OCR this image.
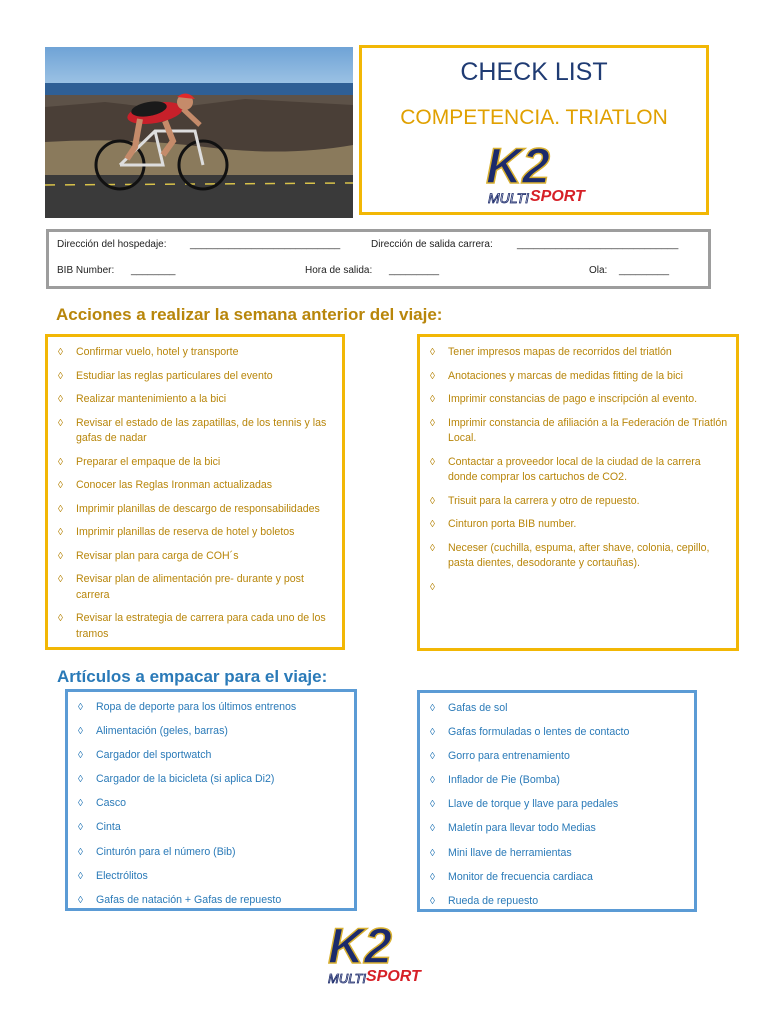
CHECK LIST
COMPETENCIA. TRIATLON
K2
MULTI SPORT
Dirección del hospedaje: ___________________________	Dirección de salida carrera: _____________________________
BIB Number: ________	Hora de salida: _________	Ola: _________
Acciones a realizar la semana anterior del viaje:
◊ Confirmar vuelo, hotel y transporte
◊ Estudiar las reglas particulares del evento
◊ Realizar mantenimiento a la bici
◊ Revisar el estado de las zapatillas, de los tennis y las gafas de nadar
◊ Preparar el empaque de la bici
◊ Conocer las Reglas Ironman actualizadas
◊ Imprimir planillas de descargo de responsabilidades
◊ Imprimir planillas de reserva de hotel y boletos
◊ Revisar plan para carga de COH´s
◊ Revisar plan de alimentación pre- durante y post carrera
◊ Revisar la estrategia de carrera para cada uno de los tramos
◊ Tener impresos mapas de recorridos del triatlón
◊ Anotaciones y marcas de medidas fitting de la bici
◊ Imprimir constancias de pago e inscripción al evento.
◊ Imprimir constancia de afiliación a la Federación de Triatlón Local.
◊ Contactar a proveedor local de la ciudad de la carrera donde comprar los cartuchos de CO2.
◊ Trisuit para la carrera y otro de repuesto.
◊ Cinturon porta BIB number.
◊ Neceser (cuchilla, espuma, after shave, colonia, cepillo, pasta dientes, desodorante y cortauñas).
◊
Artículos a empacar para el viaje:
◊ Ropa de deporte para los últimos entrenos
◊ Alimentación (geles, barras)
◊ Cargador del sportwatch
◊ Cargador de la bicicleta (si aplica Di2)
◊ Casco
◊ Cinta
◊ Cinturón para el número (Bib)
◊ Electrólitos
◊ Gafas de natación + Gafas de repuesto
◊ Gafas de sol
◊ Gafas formuladas o lentes de contacto
◊ Gorro para entrenamiento
◊ Inflador de Pie (Bomba)
◊ Llave de torque y llave para pedales
◊ Maletín para llevar todo Medias
◊ Mini llave de herramientas
◊ Monitor de frecuencia cardiaca
◊ Rueda de repuesto
K2
MULTI SPORT
